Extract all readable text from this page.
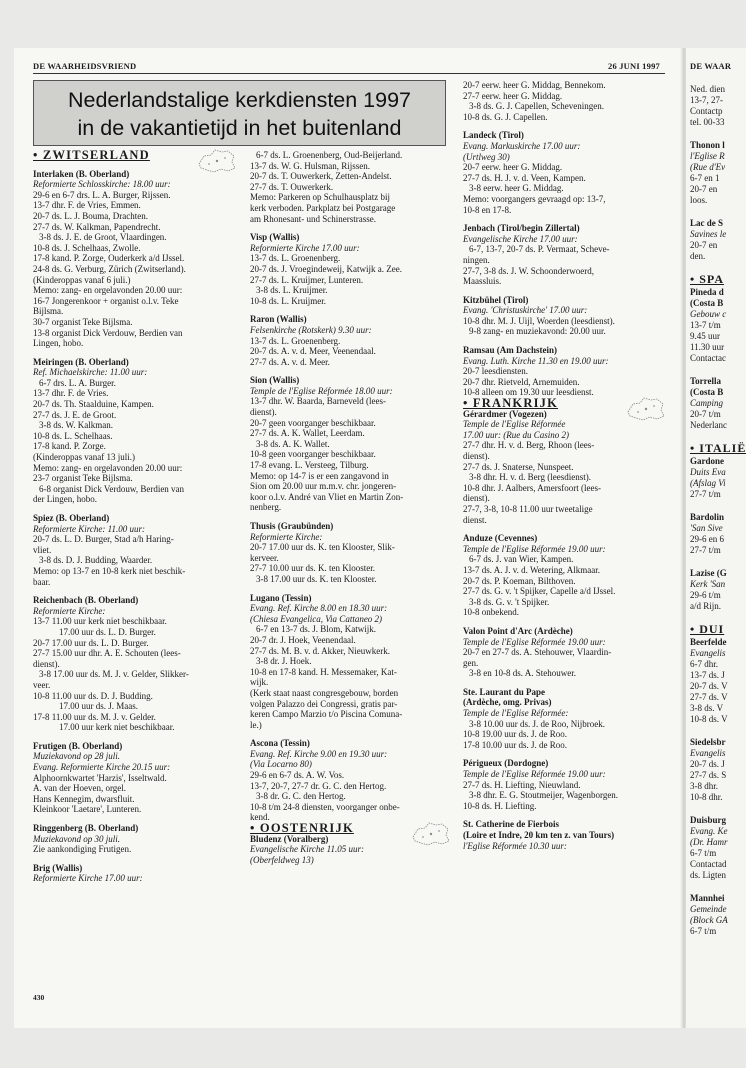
DE WAARHEIDSVRIEND	26 JUNI 1997	DE WAAR
Nederlandstalige kerkdiensten 1997
in de vakantietijd in het buitenland

• ZWITSERLAND

Interlaken (B. Oberland)

Reformierte Schlosskirche: 18.00 uur:

29-6 en 6-7 drs. L. A. Burger, Rijssen.

13-7 dhr. F. de Vries, Emmen.

20-7 ds. L. J. Bouma, Drachten.

27-7 ds. W. Kalkman, Papendrecht.

3-8 ds. J. E. de Groot, Vlaardingen.

10-8 ds. J. Schelhaas, Zwolle.

17-8 kand. P. Zorge, Ouderkerk a/d IJssel.

24-8 ds. G. Verburg, Zürich (Zwitserland).

(Kinderoppas vanaf 6 juli.)

Memo: zang- en orgelavonden 20.00 uur:

16-7 Jongerenkoor + organist o.l.v. Teke

Bijlsma.

30-7 organist Teke Bijlsma.

13-8 organist Dick Verdouw, Berdien van

Lingen, hobo.

Meiringen (B. Oberland)

Ref. Michaelskirche: 11.00 uur:

6-7 drs. L. A. Burger.

13-7 dhr. F. de Vries.

20-7 ds. Th. Staalduine, Kampen.

27-7 ds. J. E. de Groot.

3-8 ds. W. Kalkman.

10-8 ds. L. Schelhaas.

17-8 kand. P. Zorge.

(Kinderoppas vanaf 13 juli.)

Memo: zang- en orgelavonden 20.00 uur:

23-7 organist Teke Bijlsma.

6-8 organist Dick Verdouw, Berdien van

der Lingen, hobo.

Spiez (B. Oberland)

Reformierte Kirche: 11.00 uur:

20-7 ds. L. D. Burger, Stad a/h Haring-

vliet.

3-8 ds. D. J. Budding, Waarder.

Memo: op 13-7 en 10-8 kerk niet beschik-

baar.

Reichenbach (B. Oberland)

Reformierte Kirche:

13-7 11.00 uur kerk niet beschikbaar.

17.00 uur ds. L. D. Burger.

20-7 17.00 uur ds. L. D. Burger.

27-7 15.00 uur dhr. A. E. Schouten (lees-

dienst).

3-8 17.00 uur ds. M. J. v. Gelder, Slikker-

veer.

10-8 11.00 uur ds. D. J. Budding.

17.00 uur ds. J. Maas.

17-8 11.00 uur ds. M. J. v. Gelder.

17.00 uur kerk niet beschikbaar.

Frutigen (B. Oberland)

Muziekavond op 28 juli.

Evang. Reformierte Kirche 20.15 uur:

Alphoornkwartet 'Harzis', Isseltwald.

A. van der Hoeven, orgel.

Hans Kennegim, dwarsfluit.

Kleinkoor 'Laetare', Lunteren.

Ringgenberg (B. Oberland)

Muziekavond op 30 juli.

Zie aankondiging Frutigen.

Brig (Wallis)

Reformierte Kirche 17.00 uur:

6-7 ds. L. Groenenberg, Oud-Beijerland.

13-7 ds. W. G. Hulsman, Rijssen.

20-7 ds. T. Ouwerkerk, Zetten-Andelst.

27-7 ds. T. Ouwerkerk.

Memo: Parkeren op Schulhausplatz bij

kerk verboden. Parkplatz bei Postgarage

am Rhonesant- und Schinerstrasse.

Visp (Wallis)

Reformierte Kirche 17.00 uur:

13-7 ds. L. Groenenberg.

20-7 ds. J. Vroegindeweij, Katwijk a. Zee.

27-7 ds. L. Kruijmer, Lunteren.

3-8 ds. L. Kruijmer.

10-8 ds. L. Kruijmer.

Raron (Wallis)

Felsenkirche (Rotskerk) 9.30 uur:

13-7 ds. L. Groenenberg.

20-7 ds. A. v. d. Meer, Veenendaal.

27-7 ds. A. v. d. Meer.

Sion (Wallis)

Temple de l'Eglise Réformée 18.00 uur:

13-7 dhr. W. Baarda, Barneveld (lees-

dienst).

20-7 geen voorganger beschikbaar.

27-7 ds. A. K. Wallet, Leerdam.

3-8 ds. A. K. Wallet.

10-8 geen voorganger beschikbaar.

17-8 evang. L. Versteeg, Tilburg.

Memo: op 14-7 is er een zangavond in

Sion om 20.00 uur m.m.v. chr. jongeren-

koor o.l.v. André van Vliet en Martin Zon-

nenberg.

Thusis (Graubünden)

Reformierte Kirche:

20-7 17.00 uur ds. K. ten Klooster, Slik-

kerveer.

27-7 10.00 uur ds. K. ten Klooster.

3-8 17.00 uur ds. K. ten Klooster.

Lugano (Tessin)

Evang. Ref. Kirche 8.00 en 18.30 uur:

(Chiesa Evangelica, Via Cattaneo 2)

6-7 en 13-7 ds. J. Blom, Katwijk.

20-7 dr. J. Hoek, Veenendaal.

27-7 ds. M. B. v. d. Akker, Nieuwkerk.

3-8 dr. J. Hoek.

10-8 en 17-8 kand. H. Messemaker, Kat-

wijk.

(Kerk staat naast congresgebouw, borden

volgen Palazzo dei Congressi, gratis par-

keren Campo Marzio t/o Piscina Comuna-

le.)

Ascona (Tessin)

Evang. Ref. Kirche 9.00 en 19.30 uur:

(Via Locarno 80)

29-6 en 6-7 ds. A. W. Vos.

13-7, 20-7, 27-7 dr. G. C. den Hertog.

3-8 dr. G. C. den Hertog.

10-8 t/m 24-8 diensten, voorganger onbe-

kend.

• OOSTENRIJK

Bludenz (Voralberg)

Evangelische Kirche 11.05 uur:

(Oberfeldweg 13)

20-7 eerw. heer G. Middag, Bennekom.

27-7 eerw. heer G. Middag.

3-8 ds. G. J. Capellen, Scheveningen.

10-8 ds. G. J. Capellen.

Landeck (Tirol)

Evang. Markuskirche 17.00 uur:

(Urtlweg 30)

20-7 eerw. heer G. Middag.

27-7 ds. H. J. v. d. Veen, Kampen.

3-8 eerw. heer G. Middag.

Memo: voorgangers gevraagd op: 13-7,

10-8 en 17-8.

Jenbach (Tirol/begin Zillertal)

Evangelische Kirche 17.00 uur:

6-7, 13-7, 20-7 ds. P. Vermaat, Scheve-

ningen.

27-7, 3-8 ds. J. W. Schoonderwoerd,

Maassluis.

Kitzbühel (Tirol)

Evang. 'Christuskirche' 17.00 uur:

10-8 dhr. M. J. Uijl, Woerden (leesdienst).

9-8 zang- en muziekavond: 20.00 uur.

Ramsau (Am Dachstein)

Evang. Luth. Kirche 11.30 en 19.00 uur:

20-7 leesdiensten.

20-7 dhr. Rietveld, Arnemuiden.

10-8 alleen om 19.30 uur leesdienst.

• FRANKRIJK

Gérardmer (Vogezen)

Temple de l'Eglise Réformée

17.00 uur: (Rue du Casino 2)

27-7 dhr. H. v. d. Berg, Rhoon (lees-

dienst).

27-7 ds. J. Snaterse, Nunspeet.

3-8 dhr. H. v. d. Berg (leesdienst).

10-8 dhr. J. Aalbers, Amersfoort (lees-

dienst).

27-7, 3-8, 10-8 11.00 uur tweetalige

dienst.

Anduze (Cevennes)

Temple de l'Eglise Réformée 19.00 uur:

6-7 ds. J. van Wier, Kampen.

13-7 ds. A. J. v. d. Wetering, Alkmaar.

20-7 ds. P. Koeman, Bilthoven.

27-7 ds. G. v. 't Spijker, Capelle a/d IJssel.

3-8 ds. G. v. 't Spijker.

10-8 onbekend.

Valon Point d'Arc (Ardèche)

Temple de l'Eglise Réformée 19.00 uur:

20-7 en 27-7 ds. A. Stehouwer, Vlaardin-

gen.

3-8 en 10-8 ds. A. Stehouwer.

Ste. Laurant du Pape

(Ardèche, omg. Privas)

Temple de l'Eglise Réformée:

3-8 10.00 uur ds. J. de Roo, Nijbroek.

10-8 19.00 uur ds. J. de Roo.

17-8 10.00 uur ds. J. de Roo.

Périgueux (Dordogne)

Temple de l'Eglise Réformée 19.00 uur:

27-7 ds. H. Liefting, Nieuwland.

3-8 dhr. E. G. Stoutmeijer, Wagenborgen.

10-8 ds. H. Liefting.

St. Catherine de Fierbois

(Loire et Indre, 20 km ten z. van Tours)

l'Eglise Réformée 10.30 uur:

Ned. dien
13-7, 27-
Contactp
tel. 00-33
Thonon l
l'Eglise R
(Rue d'Ev
6-7 en 1
20-7 en
loos.
Lac de S
Savines le
20-7 en
den.
• SPA
Pineda d
(Costa B
Gebouw c
13-7 t/m
9.45 uur
11.30 uur
Contactac
Torrella
(Costa B
Camping
20-7 t/m
Nederlanc
• ITALIË
Gardone
Duits Eva
(Afslag Vi
27-7 t/m
Bardolin
'San Sive
29-6 en 6
27-7 t/m
Lazise (G
Kerk 'San
29-6 t/m
a/d Rijn.
• DUI
Beerfelde
Evangelis
6-7 dhr.
13-7 ds. J
20-7 ds. V
27-7 ds. V
3-8 ds. V
10-8 ds. V
Siedelsbr
Evangelis
20-7 ds. J
27-7 ds. S
3-8 dhr.
10-8 dhr.
Duisburg
Evang. Ke
(Dr. Hamr
6-7 t/m
Contactad
ds. Ligten
Mannhei
Gemeinde
(Block GA
6-7 t/m
430
